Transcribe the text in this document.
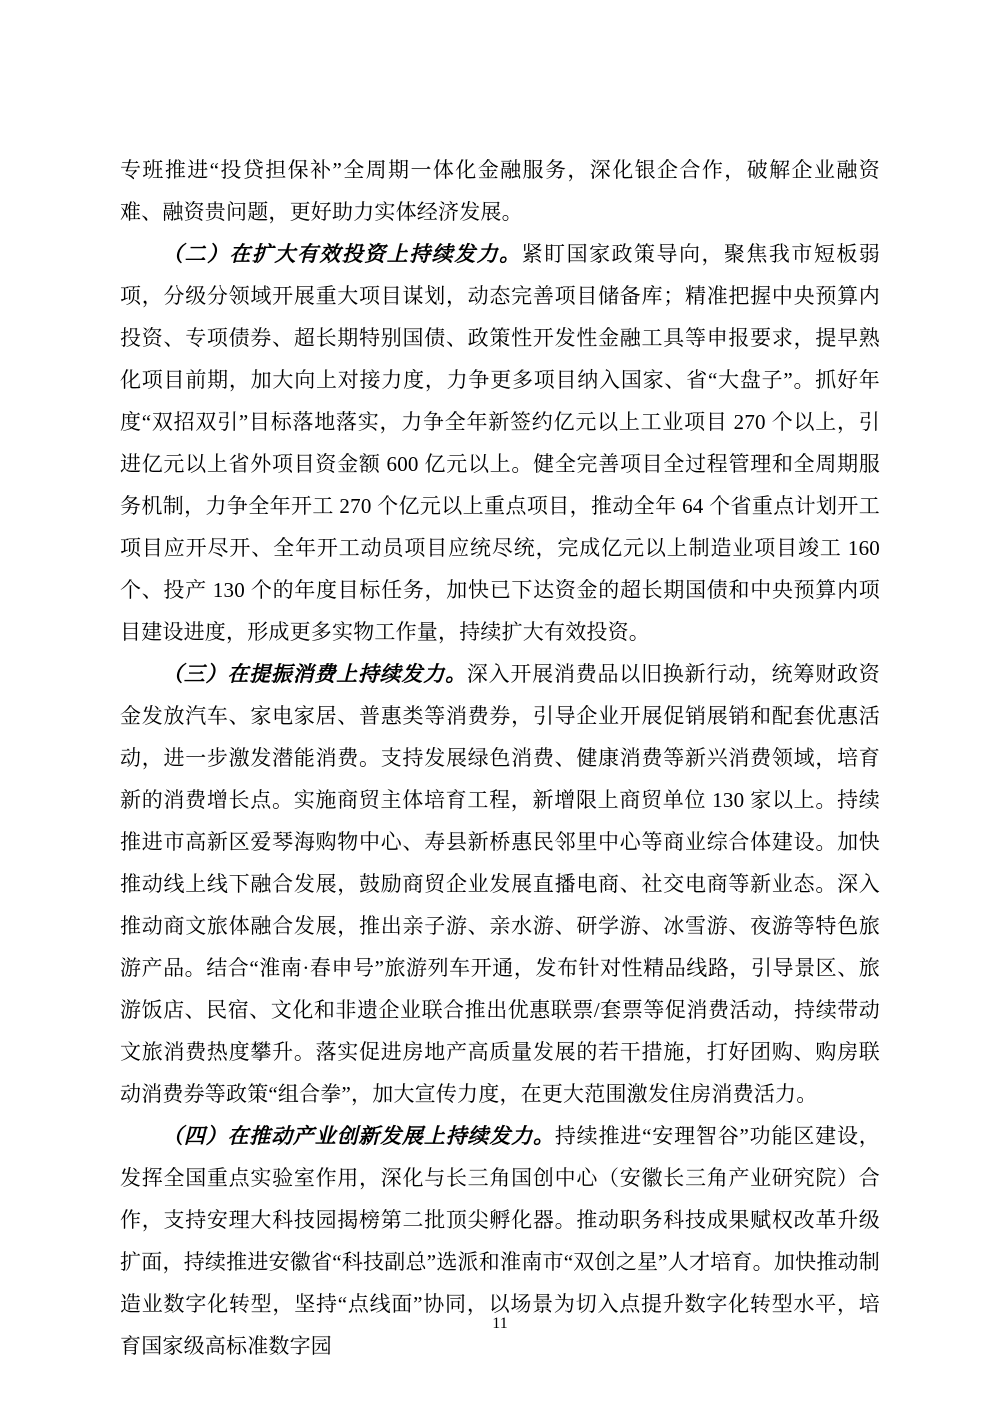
专班推进“投贷担保补”全周期一体化金融服务，深化银企合作，破解企业融资难、融资贵问题，更好助力实体经济发展。

（二）在扩大有效投资上持续发力。紧盯国家政策导向，聚焦我市短板弱项，分级分领域开展重大项目谋划，动态完善项目储备库；精准把握中央预算内投资、专项债券、超长期特别国债、政策性开发性金融工具等申报要求，提早熟化项目前期，加大向上对接力度，力争更多项目纳入国家、省“大盘子”。抓好年度“双招双引”目标落地落实，力争全年新签约亿元以上工业项目 270 个以上，引进亿元以上省外项目资金额 600 亿元以上。健全完善项目全过程管理和全周期服务机制，力争全年开工 270 个亿元以上重点项目，推动全年 64 个省重点计划开工项目应开尽开、全年开工动员项目应统尽统，完成亿元以上制造业项目竣工 160 个、投产 130 个的年度目标任务，加快已下达资金的超长期国债和中央预算内项目建设进度，形成更多实物工作量，持续扩大有效投资。

（三）在提振消费上持续发力。深入开展消费品以旧换新行动，统筹财政资金发放汽车、家电家居、普惠类等消费券，引导企业开展促销展销和配套优惠活动，进一步激发潜能消费。支持发展绿色消费、健康消费等新兴消费领域，培育新的消费增长点。实施商贸主体培育工程，新增限上商贸单位 130 家以上。持续推进市高新区爱琴海购物中心、寿县新桥惠民邻里中心等商业综合体建设。加快推动线上线下融合发展，鼓励商贸企业发展直播电商、社交电商等新业态。深入推动商文旅体融合发展，推出亲子游、亲水游、研学游、冰雪游、夜游等特色旅游产品。结合“淮南·春申号”旅游列车开通，发布针对性精品线路，引导景区、旅游饭店、民宿、文化和非遗企业联合推出优惠联票/套票等促消费活动，持续带动文旅消费热度攀升。落实促进房地产高质量发展的若干措施，打好团购、购房联动消费券等政策“组合拳”，加大宣传力度，在更大范围激发住房消费活力。

（四）在推动产业创新发展上持续发力。持续推进“安理智谷”功能区建设，发挥全国重点实验室作用，深化与长三角国创中心（安徽长三角产业研究院）合作，支持安理大科技园揭榜第二批顶尖孵化器。推动职务科技成果赋权改革升级扩面，持续推进安徽省“科技副总”选派和淮南市“双创之星”人才培育。加快推动制造业数字化转型，坚持“点线面”协同，以场景为切入点提升数字化转型水平，培育国家级高标准数字园

11
